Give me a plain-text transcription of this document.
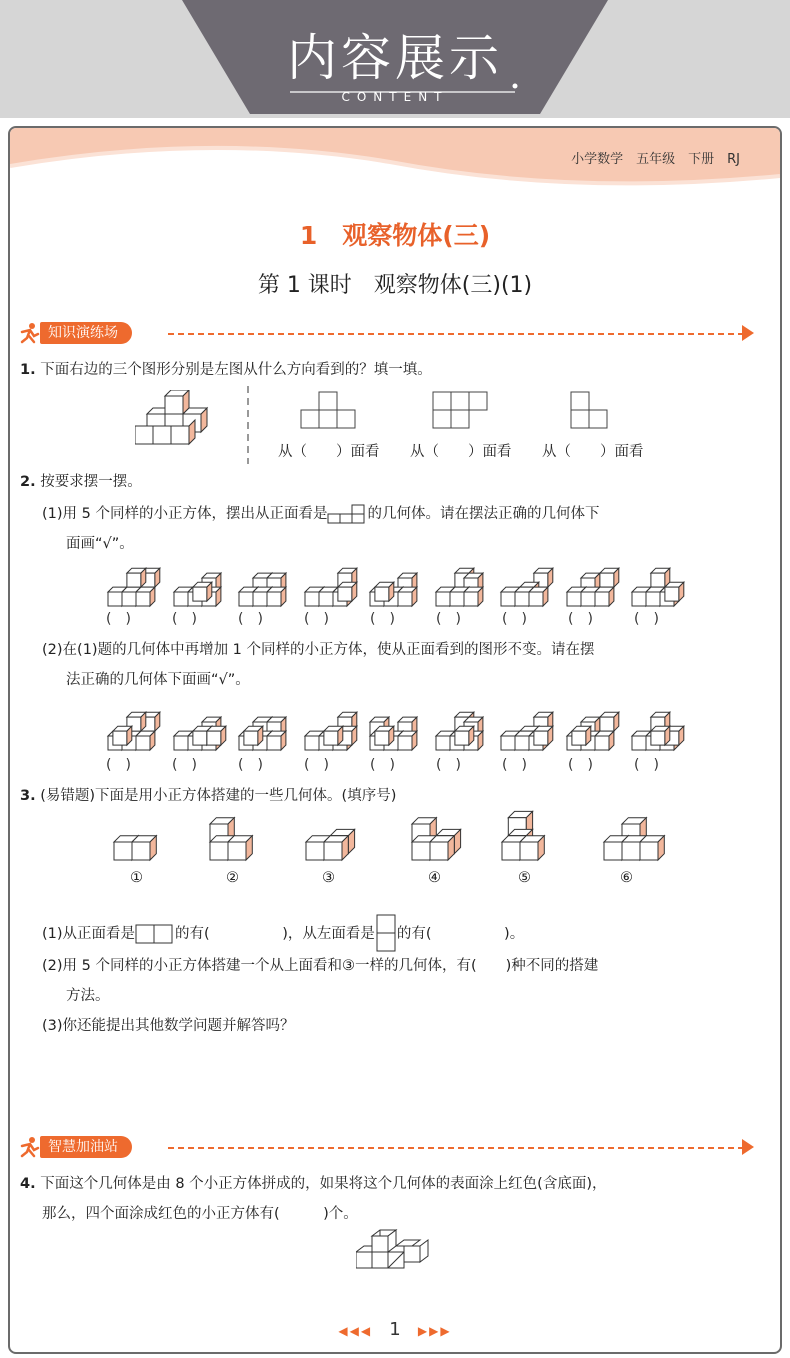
内容展示
CONTENT
小学数学　五年级　下册　RJ
1　观察物体(三)
第 1 课时　观察物体(三)(1)
知识演练场
1. 下面右边的三个图形分别是左图从什么方向看到的？填一填。
从（　　）面看 从（　　）面看 从（　　）面看
2. 按要求摆一摆。
(1)用 5 个同样的小正方体，摆出从正面看是	的几何体。请在摆法正确的几何体下
面画“√”。
(　)	(　)	(　)	(　)	(　)	(　)	(　)	(　)	(　)
(2)在(1)题的几何体中再增加 1 个同样的小正方体，使从正面看到的图形不变。请在摆
法正确的几何体下面画“√”。
(　)	(　)	(　)	(　)	(　)	(　)	(　)	(　)	(　)
3. (易错题)下面是用小正方体搭建的一些几何体。(填序号)
(1)从正面看是	的有(　　　　　)，从左面看是 的有(　　　　　)。
(2)用 5 个同样的小正方体搭建一个从上面看和③一样的几何体，有(　　)种不同的搭建
方法。
(3)你还能提出其他数学问题并解答吗？
智慧加油站
4. 下面这个几何体是由 8 个小正方体拼成的，如果将这个几何体的表面涂上红色(含底面)，
那么，四个面涂成红色的小正方体有(　　　)个。
◀◀◀ 1 ▶▶▶
①	②	③	④	⑤	⑥
